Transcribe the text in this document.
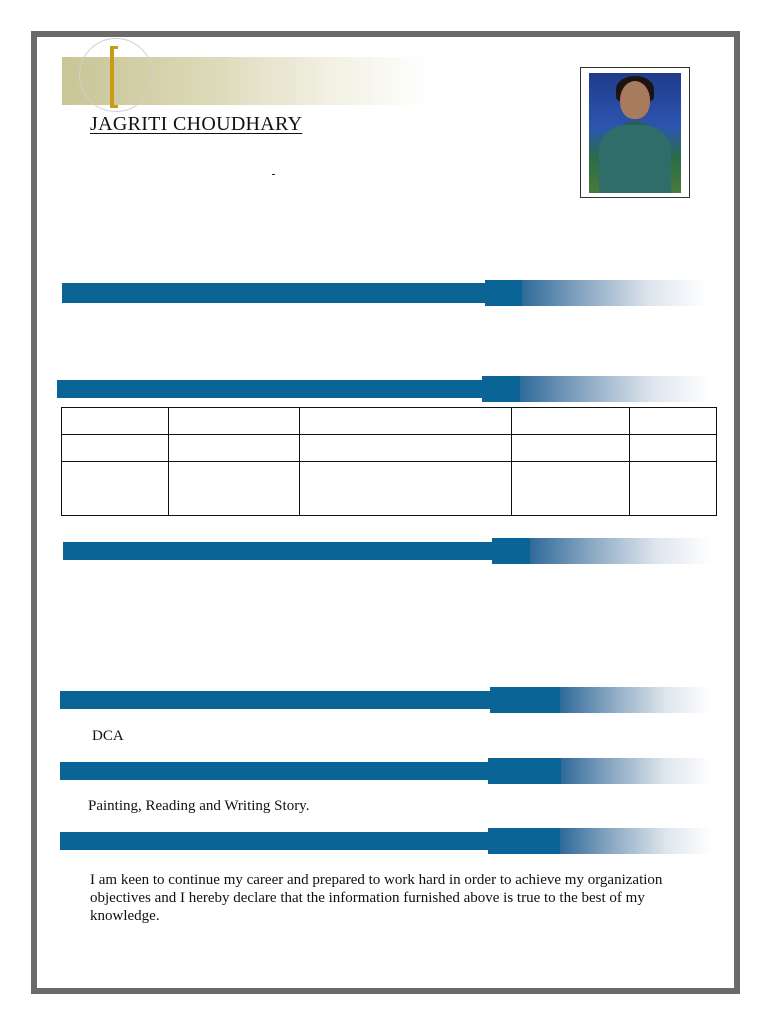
JAGRITI CHOUDHARY

DCA
Painting, Reading and Writing Story.
I am keen to continue my career and prepared to work hard in order to achieve my organization objectives and I hereby declare that the information furnished above is true to the best of my knowledge.
